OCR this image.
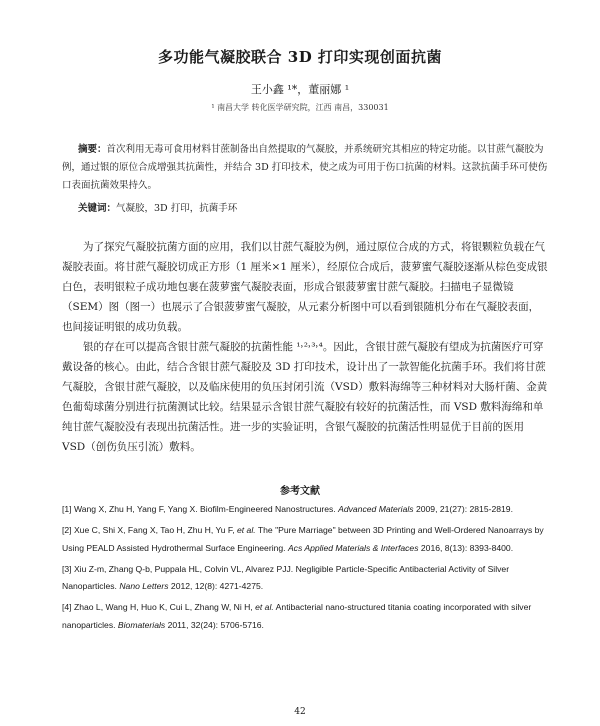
多功能气凝胶联合 3D 打印实现创面抗菌
王小鑫 ¹*，董丽娜 ¹
¹ 南昌大学 转化医学研究院，江西 南昌，330031

摘要：首次利用无毒可食用材料甘蔗制备出自然提取的气凝胶，并系统研究其相应的特定功能。以甘蔗气凝胶为例，通过银的原位合成增强其抗菌性，并结合 3D 打印技术，使之成为可用于伤口抗菌的材料。这款抗菌手环可使伤口表面抗菌效果持久。

关键词：气凝胶，3D 打印，抗菌手环

为了探究气凝胶抗菌方面的应用，我们以甘蔗气凝胶为例，通过原位合成的方式，将银颗粒负载在气凝胶表面。将甘蔗气凝胶切成正方形（1 厘米×1 厘米），经原位合成后，菠萝蜜气凝胶逐渐从棕色变成银白色，表明银粒子成功地包裹在菠萝蜜气凝胶表面，形成合银菠萝蜜甘蔗气凝胶。扫描电子显微镜（SEM）图（图一）也展示了合银菠萝蜜气凝胶，从元素分析图中可以看到银随机分布在气凝胶表面，也间接证明银的成功负载。

银的存在可以提高含银甘蔗气凝胶的抗菌性能 ¹˒²˒³˒⁴。因此，含银甘蔗气凝胶有望成为抗菌医疗可穿戴设备的核心。由此，结合含银甘蔗气凝胶及 3D 打印技术，设计出了一款智能化抗菌手环。我们将甘蔗气凝胶，含银甘蔗气凝胶，以及临床使用的负压封闭引流（VSD）敷料海绵等三种材料对大肠杆菌、金黄色葡萄球菌分别进行抗菌测试比较。结果显示含银甘蔗气凝胶有较好的抗菌活性，而 VSD 敷料海绵和单纯甘蔗气凝胶没有表现出抗菌活性。进一步的实验证明，含银气凝胶的抗菌活性明显优于目前的医用 VSD（创伤负压引流）敷料。

参考文献

[1] Wang X, Zhu H, Yang F, Yang X. Biofilm-Engineered Nanostructures. Advanced Materials 2009, 21(27): 2815-2819.

[2] Xue C, Shi X, Fang X, Tao H, Zhu H, Yu F, et al. The "Pure Marriage" between 3D Printing and Well-Ordered Nanoarrays by Using PEALD Assisted Hydrothermal Surface Engineering. Acs Applied Materials & Interfaces 2016, 8(13): 8393-8400.

[3] Xiu Z-m, Zhang Q-b, Puppala HL, Colvin VL, Alvarez PJJ. Negligible Particle-Specific Antibacterial Activity of Silver Nanoparticles. Nano Letters 2012, 12(8): 4271-4275.

[4] Zhao L, Wang H, Huo K, Cui L, Zhang W, Ni H, et al. Antibacterial nano-structured titania coating incorporated with silver nanoparticles. Biomaterials 2011, 32(24): 5706-5716.

42
